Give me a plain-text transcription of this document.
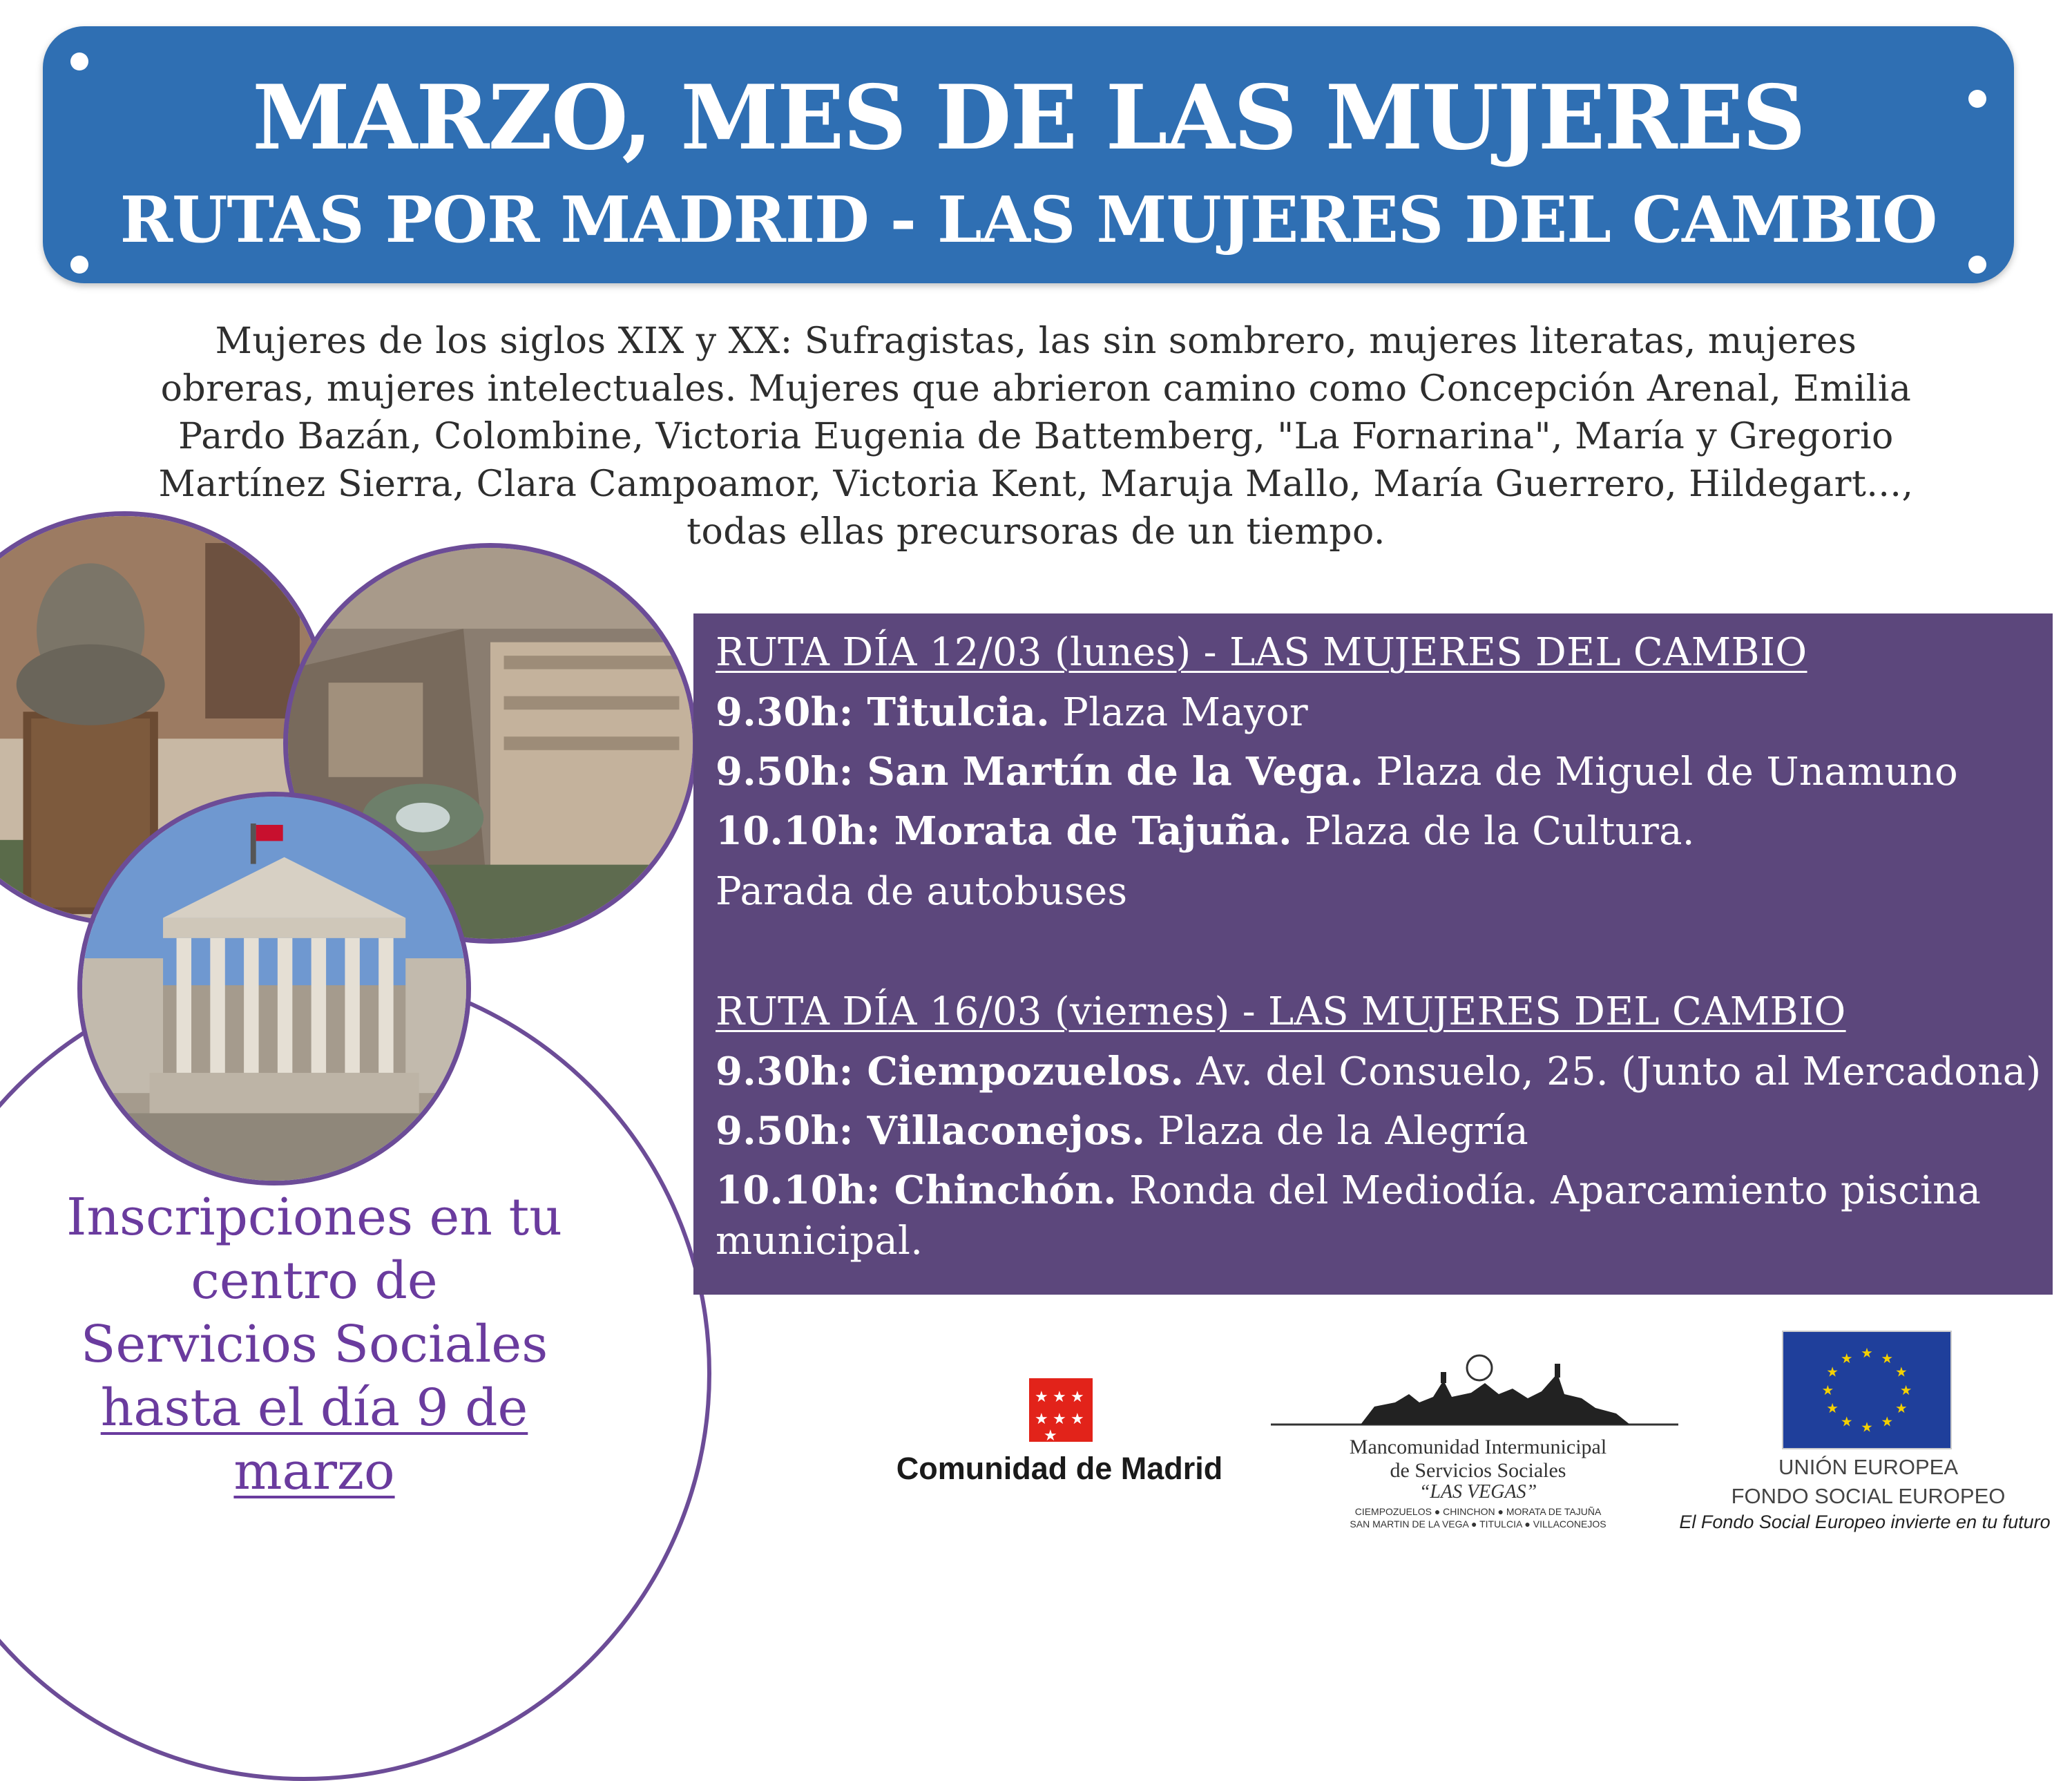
MARZO, MES DE LAS MUJERES
RUTAS POR MADRID - LAS MUJERES DEL CAMBIO

Mujeres de los siglos XIX y XX: Sufragistas, las sin sombrero, mujeres literatas, mujeres
obreras, mujeres intelectuales. Mujeres que abrieron camino como Concepción Arenal, Emilia
Pardo Bazán, Colombine, Victoria Eugenia de Battemberg, "La Fornarina", María y Gregorio
Martínez Sierra, Clara Campoamor, Victoria Kent, Maruja Mallo, María Guerrero, Hildegart...,
todas ellas precursoras de un tiempo.

Inscripciones en tu
centro de
Servicios Sociales
hasta el día 9 de
marzo

RUTA DÍA 12/03 (lunes) - LAS MUJERES DEL CAMBIO

9.30h: Titulcia. Plaza Mayor

9.50h: San Martín de la Vega. Plaza de Miguel de Unamuno

10.10h: Morata de Tajuña. Plaza de la Cultura.

Parada de autobuses

RUTA DÍA 16/03 (viernes) - LAS MUJERES DEL CAMBIO

9.30h: Ciempozuelos. Av. del Consuelo, 25. (Junto al Mercadona)

9.50h: Villaconejos. Plaza de la Alegría

10.10h: Chinchón. Ronda del Mediodía. Aparcamiento piscina

municipal.

★ ★ ★
★ ★ ★
★
Comunidad de Madrid
Mancomunidad Intermunicipal
de Servicios Sociales
“LAS VEGAS”
CIEMPOZUELOS ● CHINCHON ● MORATA DE TAJUÑA
SAN MARTIN DE LA VEGA ● TITULCIA ● VILLACONEJOS
★ ★
★
★
★
★
★
★
★
★
★
★
UNIÓN EUROPEA
FONDO SOCIAL EUROPEO
El Fondo Social Europeo invierte en tu futuro
